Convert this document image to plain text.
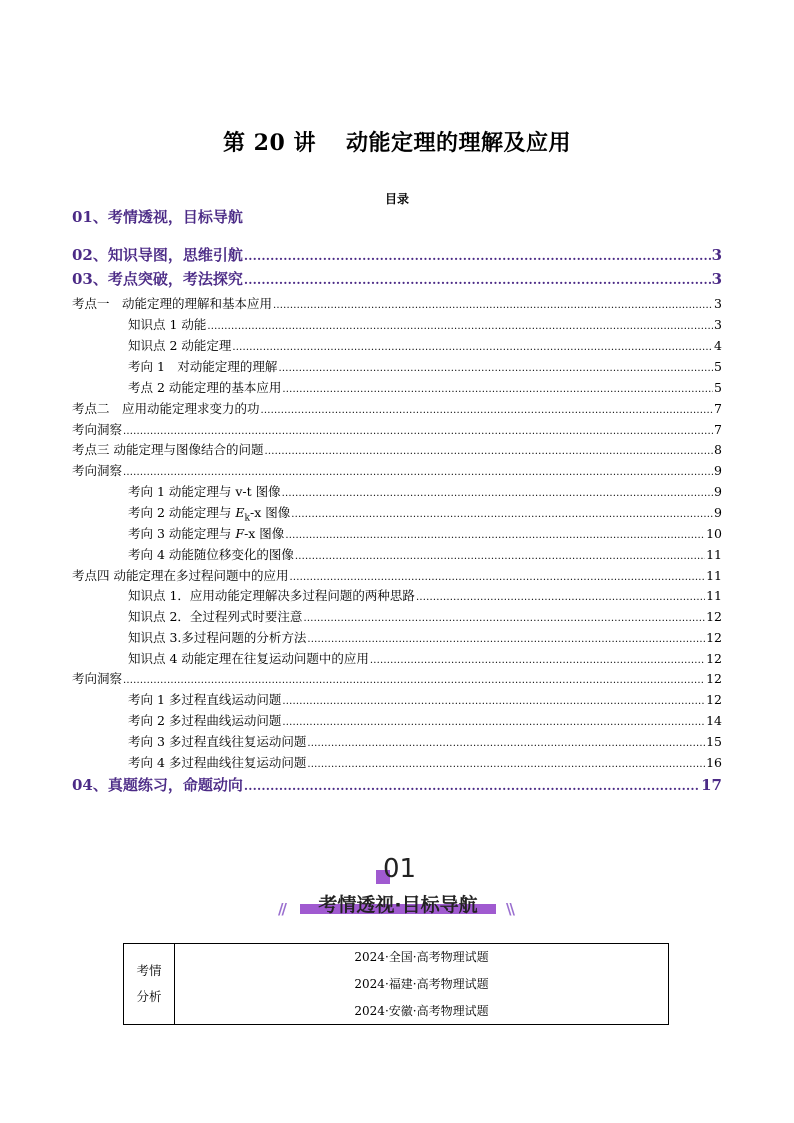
第 20 讲 动能定理的理解及应用
目录
01、考情透视，目标导航
02、知识导图，思维引航 .....	3
03、考点突破，考法探究 .....	3
考点一　动能定理的理解和基本应用 .....	3
知识点 1 动能 .....	3
知识点 2 动能定理 .....	4
考向 1　对动能定理的理解 .....	5
考点 2 动能定理的基本应用 .....	5
考点二　应用动能定理求变力的功 .....	7
考向洞察 .....	7
考点三 动能定理与图像结合的问题 .....	8
考向洞察 .....	9
考向 1 动能定理与 v-t 图像 .....	9
考向 2 动能定理与 $E_k-x$ 图像 .....	9
考向 3 动能定理与 F-x 图像 .....	10
考向 4 动能随位移变化的图像 .....	11
考点四 动能定理在多过程问题中的应用 .....	11
知识点 1．应用动能定理解决多过程问题的两种思路 .....	11
知识点 2．全过程列式时要注意 .....	12
知识点 3.多过程问题的分析方法 .....	12
知识点 4 动能定理在往复运动问题中的应用 .....	12
考向洞察 .....	12
考向 1 多过程直线运动问题 .....	12
考向 2 多过程曲线运动问题 .....	14
考向 3 多过程直线往复运动问题 .....	15
考向 4 多过程曲线往复运动问题 .....	16
04、真题练习，命题动向 .....	17
01
//	考情透视·目标导航	\\
考情
分析
2024·全国·高考物理试题
2024·福建·高考物理试题
2024·安徽·高考物理试题
